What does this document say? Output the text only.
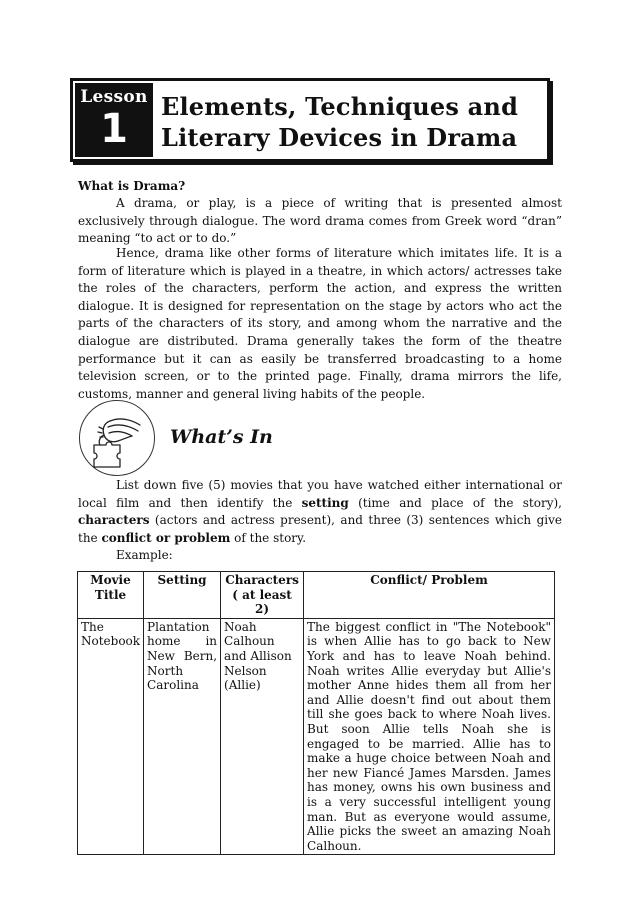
Lesson
1	Elements, Techniques and
Literary Devices in Drama
What is Drama?

A drama, or play, is a piece of writing that is presented almost exclusively through dialogue. The word drama comes from Greek word “dran” meaning “to act or to do.”

Hence, drama like other forms of literature which imitates life. It is a form of literature which is played in a theatre, in which actors/ actresses take the roles of the characters, perform the action, and express the written dialogue. It is designed for representation on the stage by actors who act the parts of the characters of its story, and among whom the narrative and the dialogue are distributed. Drama generally takes the form of the theatre performance but it can as easily be transferred broadcasting to a home television screen, or to the printed page. Finally, drama mirrors the life, customs, manner and general living habits of the people.

What’s In

List down five (5) movies that you have watched either international or local film and then identify the setting (time and place of the story), characters (actors and actress present), and three (3) sentences which give the conflict or problem of the story.

Example:
Movie Title	Setting	Characters ( at least 2)	Conflict/ Problem
The Notebook	Plantation home in New Bern, North Carolina	Noah Calhoun and Allison Nelson (Allie)	The biggest conflict in "The Notebook" is when Allie has to go back to New York and has to leave Noah behind. Noah writes Allie everyday but Allie's mother Anne hides them all from her and Allie doesn't find out about them till she goes back to where Noah lives. But soon Allie tells Noah she is engaged to be married. Allie has to make a huge choice between Noah and her new Fiancé James Marsden. James has money, owns his own business and is a very successful intelligent young man. But as everyone would assume, Allie picks the sweet an amazing Noah Calhoun.
